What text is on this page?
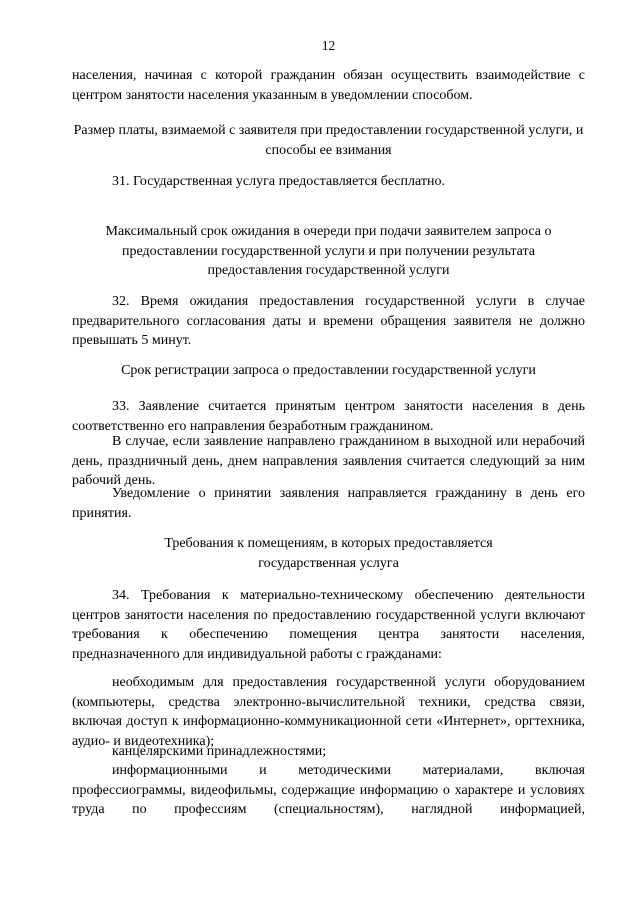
12

населения, начиная с которой гражданин обязан осуществить взаимодействие с центром занятости населения указанным в уведомлении способом.

Размер платы, взимаемой с заявителя при предоставлении государственной услуги, и способы ее взимания

31. Государственная услуга предоставляется бесплатно.

Максимальный срок ожидания в очереди при подачи заявителем запроса о предоставлении государственной услуги и при получении результата предоставления государственной услуги

32. Время ожидания предоставления государственной услуги в случае предварительного согласования даты и времени обращения заявителя не должно превышать 5 минут.

Срок регистрации запроса о предоставлении государственной услуги

33. Заявление считается принятым центром занятости населения в день соответственно его направления безработным гражданином.

В случае, если заявление направлено гражданином в выходной или нерабочий день, праздничный день, днем направления заявления считается следующий за ним рабочий день.

Уведомление о принятии заявления направляется гражданину в день его принятия.

Требования к помещениям, в которых предоставляется государственная услуга

34. Требования к материально-техническому обеспечению деятельности центров занятости населения по предоставлению государственной услуги включают требования к обеспечению помещения центра занятости населения, предназначенного для индивидуальной работы с гражданами:

необходимым для предоставления государственной услуги оборудованием (компьютеры, средства электронно-вычислительной техники, средства связи, включая доступ к информационно-коммуникационной сети «Интернет», оргтехника, аудио- и видеотехника);

канцелярскими принадлежностями;

информационными и методическими материалами, включая профессиограммы, видеофильмы, содержащие информацию о характере и условиях труда по профессиям (специальностям), наглядной информацией,
